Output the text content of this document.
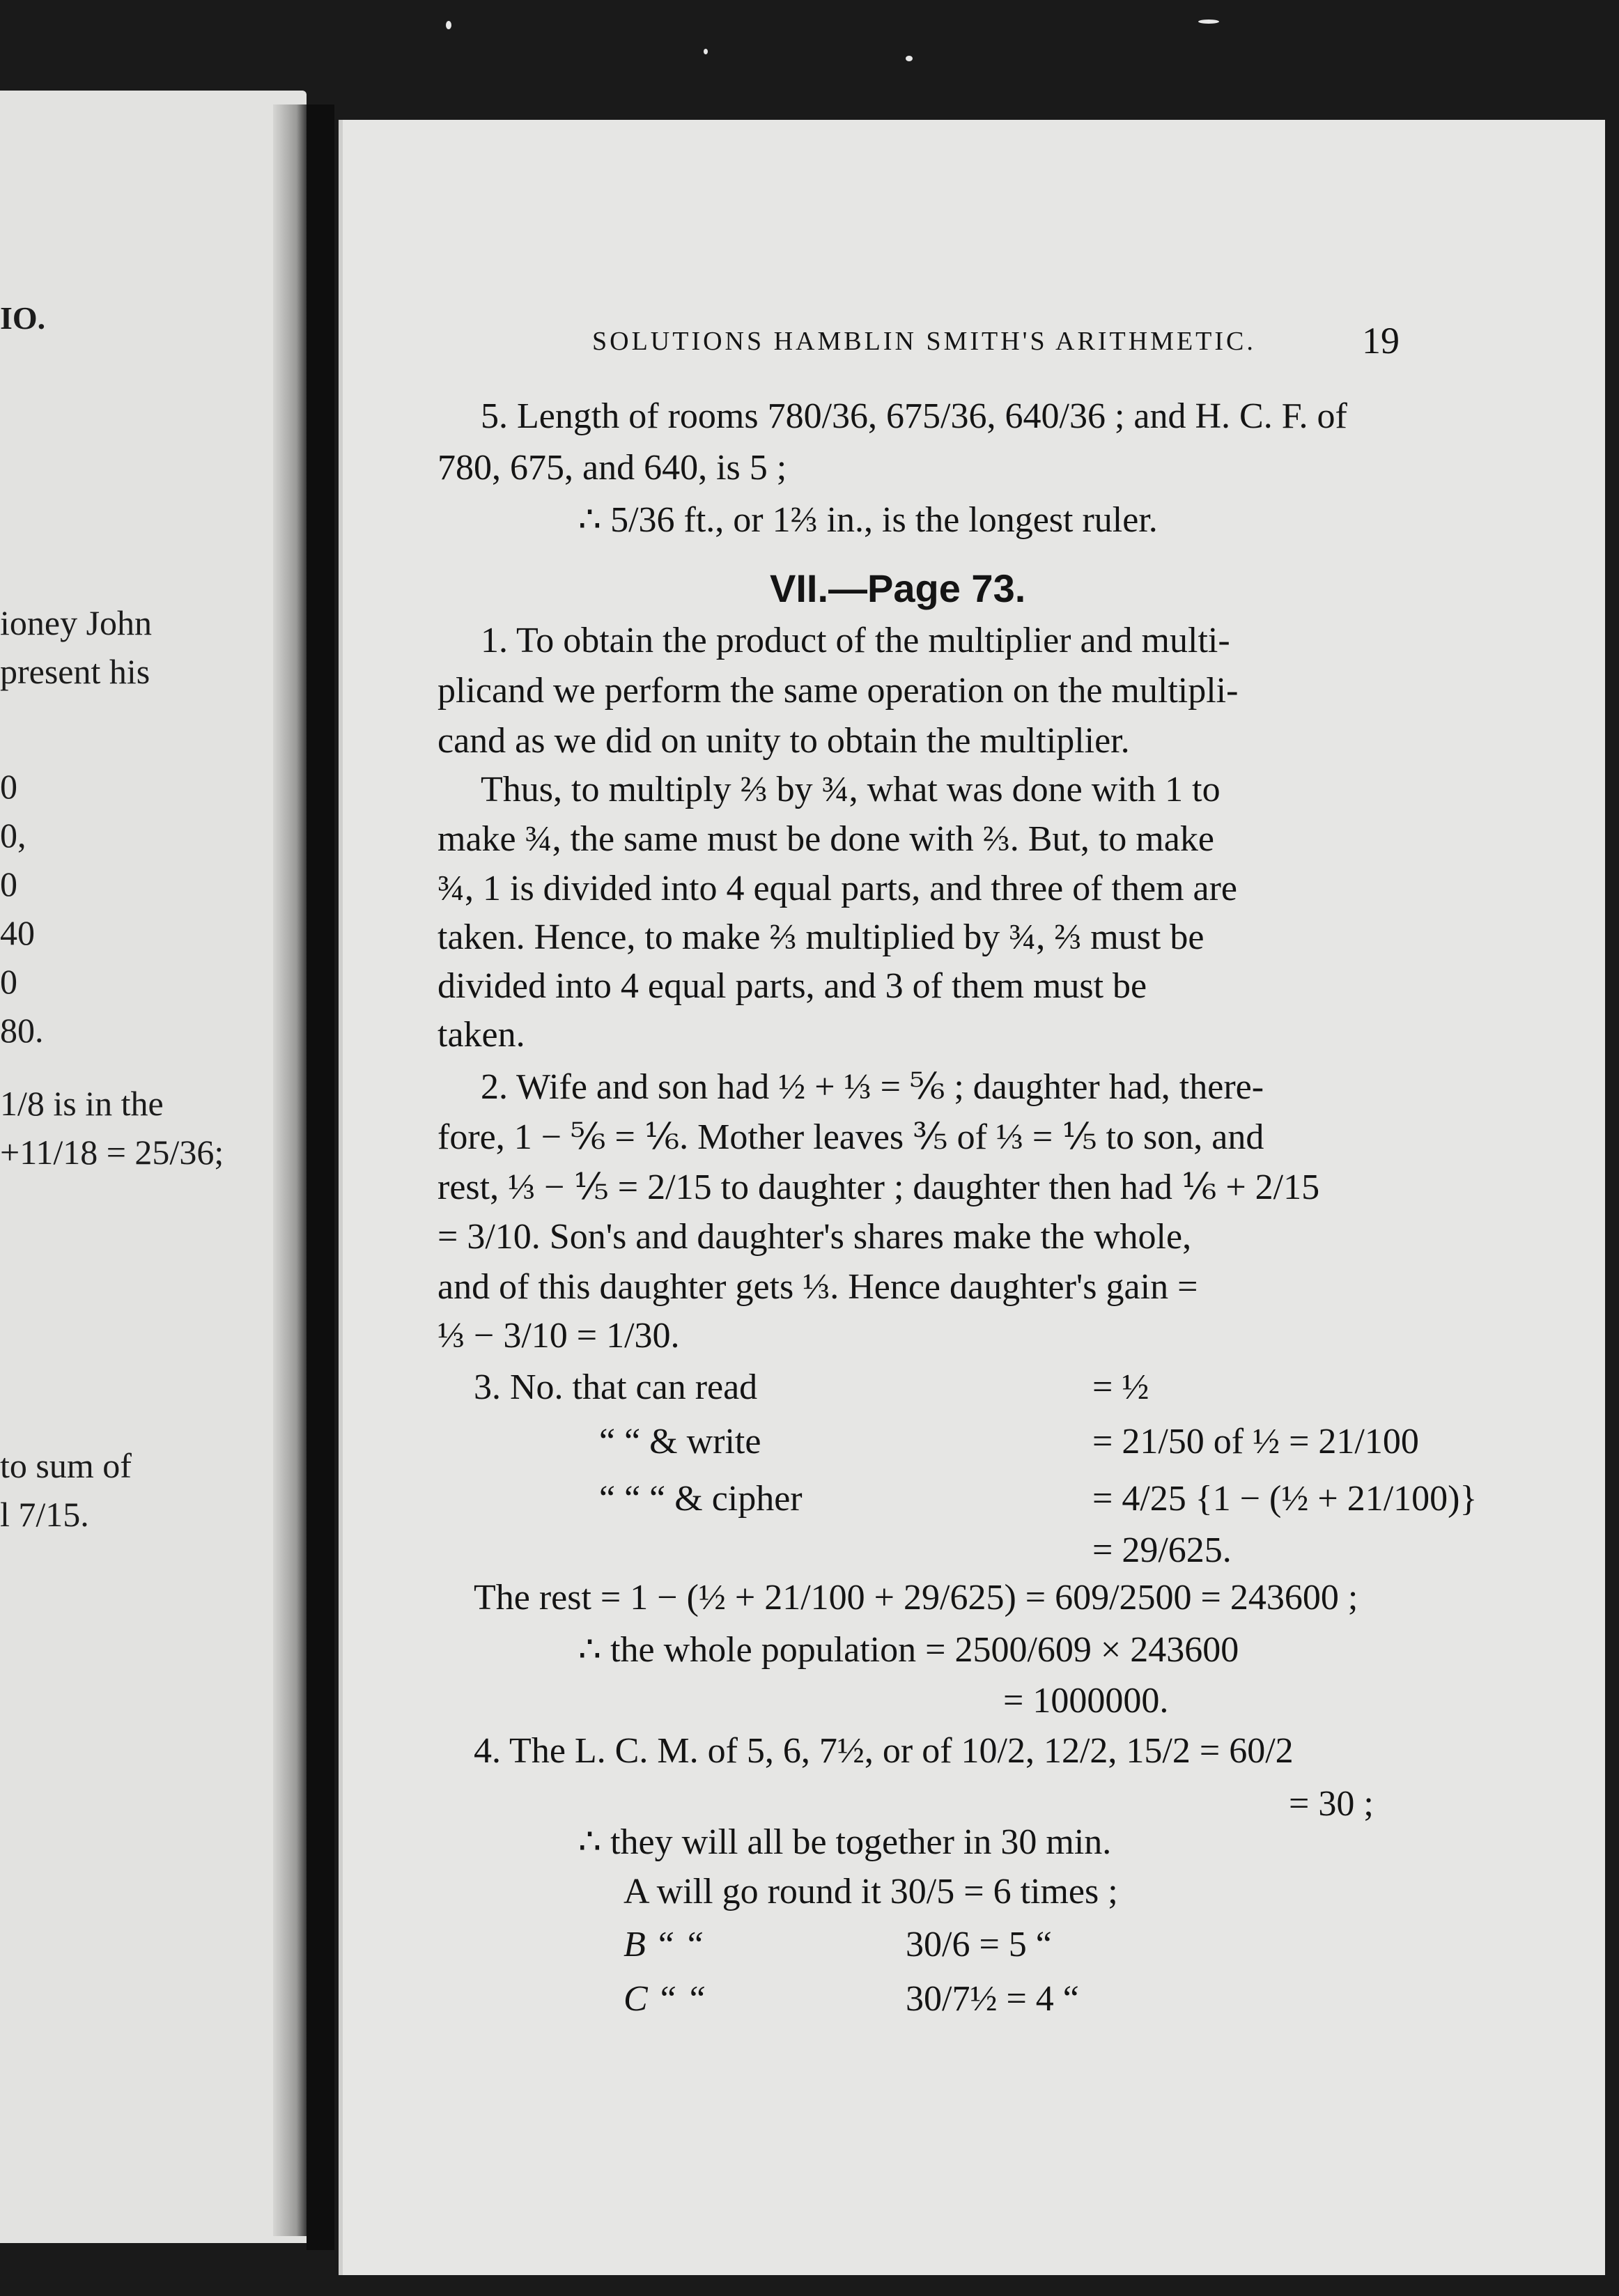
IO.
ioney John
present his
0
0,
0
40
0
80.
1/8 is in the
+11/18 = 25/36;
to sum of
l 7/15.
SOLUTIONS HAMBLIN SMITH'S ARITHMETIC.	19
5. Length of rooms 780/36, 675/36, 640/36 ; and H. C. F. of
780, 675, and 640, is 5 ;
∴ 5/36 ft., or 1⅔ in., is the longest ruler.
VII.—Page 73.
1. To obtain the product of the multiplier and multi-
plicand we perform the same operation on the multipli-
cand as we did on unity to obtain the multiplier.
Thus, to multiply ⅔ by ¾, what was done with 1 to
make ¾, the same must be done with ⅔. But, to make
¾, 1 is divided into 4 equal parts, and three of them are
taken. Hence, to make ⅔ multiplied by ¾, ⅔ must be
divided into 4 equal parts, and 3 of them must be
taken.
2. Wife and son had ½ + ⅓ = ⅚ ; daughter had, there-
fore, 1 − ⅚ = ⅙. Mother leaves ⅗ of ⅓ = ⅕ to son, and
rest, ⅓ − ⅕ = 2/15 to daughter ; daughter then had ⅙ + 2/15
= 3/10. Son's and daughter's shares make the whole,
and of this daughter gets ⅓. Hence daughter's gain =
⅓ − 3/10 = 1/30.
3. No. that can read	= ½
“ “ & write	= 21/50 of ½ = 21/100
“ “ “ & cipher	= 4/25 {1 − (½ + 21/100)}
= 29/625.
The rest = 1 − (½ + 21/100 + 29/625) = 609/2500 = 243600 ;
∴ the whole population = 2500/609 × 243600
= 1000000.
4. The L. C. M. of 5, 6, 7½, or of 10/2, 12/2, 15/2 = 60/2
= 30 ;
∴ they will all be together in 30 min.
A will go round it 30/5 = 6 times ;
B “ “	30/6 = 5 “
C “ “	30/7½ = 4 “
